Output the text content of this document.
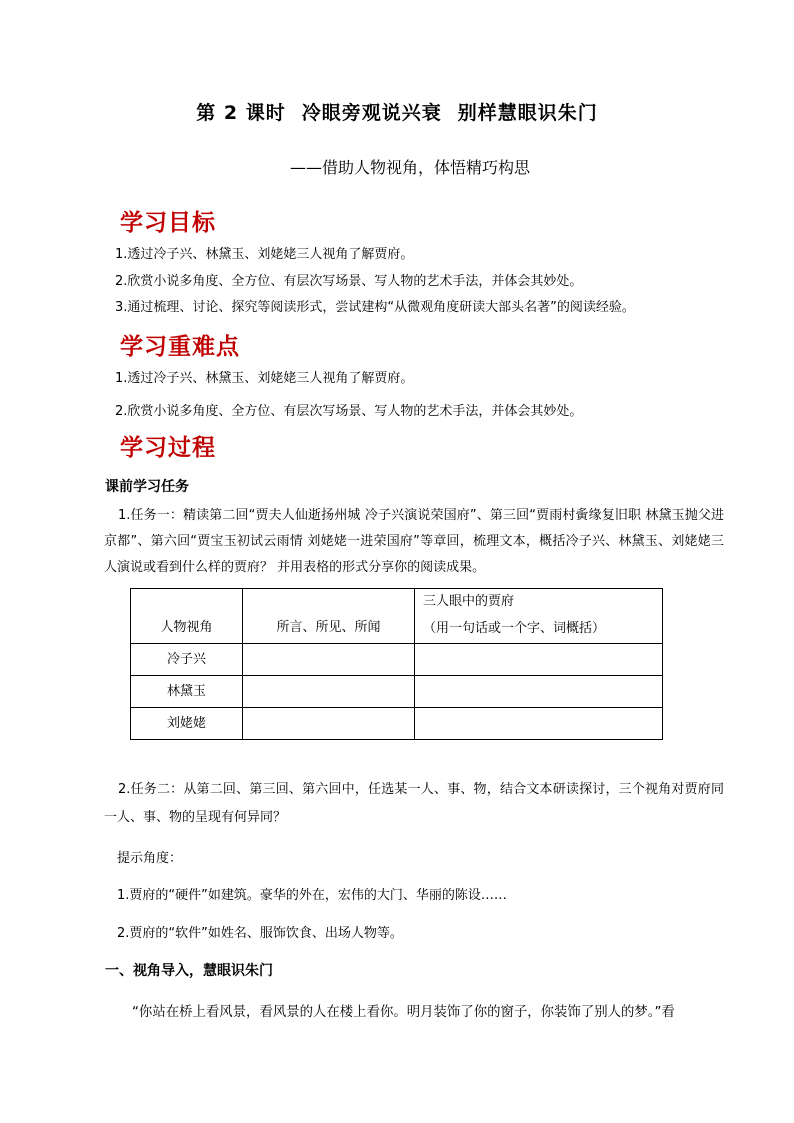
第 2 课时 冷眼旁观说兴衰 别样慧眼识朱门
——借助人物视角，体悟精巧构思
学习目标
1.透过冷子兴、林黛玉、刘姥姥三人视角了解贾府。
2.欣赏小说多角度、全方位、有层次写场景、写人物的艺术手法，并体会其妙处。
3.通过梳理、讨论、探究等阅读形式，尝试建构“从微观角度研读大部头名著”的阅读经验。
学习重难点
1.透过冷子兴、林黛玉、刘姥姥三人视角了解贾府。
2.欣赏小说多角度、全方位、有层次写场景、写人物的艺术手法，并体会其妙处。
学习过程
课前学习任务
1.任务一：精读第二回“贾夫人仙逝扬州城 冷子兴演说荣国府”、第三回“贾雨村夤缘复旧职 林黛玉抛父进京都”、第六回“贾宝玉初试云雨情 刘姥姥一进荣国府”等章回，梳理文本，概括冷子兴、林黛玉、刘姥姥三人演说或看到什么样的贾府？ 并用表格的形式分享你的阅读成果。
人物视角	所言、所见、所闻	三人眼中的贾府
（用一句话或一个字、词概括）

冷子兴		

林黛玉		

刘姥姥		

2.任务二：从第二回、第三回、第六回中，任选某一人、事、物，结合文本研读探讨，三个视角对贾府同一人、事、物的呈现有何异同？
提示角度：
1.贾府的“硬件”如建筑。豪华的外在，宏伟的大门、华丽的陈设……
2.贾府的“软件”如姓名、服饰饮食、出场人物等。
一、视角导入，慧眼识朱门
“你站在桥上看风景，看风景的人在楼上看你。明月装饰了你的窗子，你装饰了别人的梦。”看
